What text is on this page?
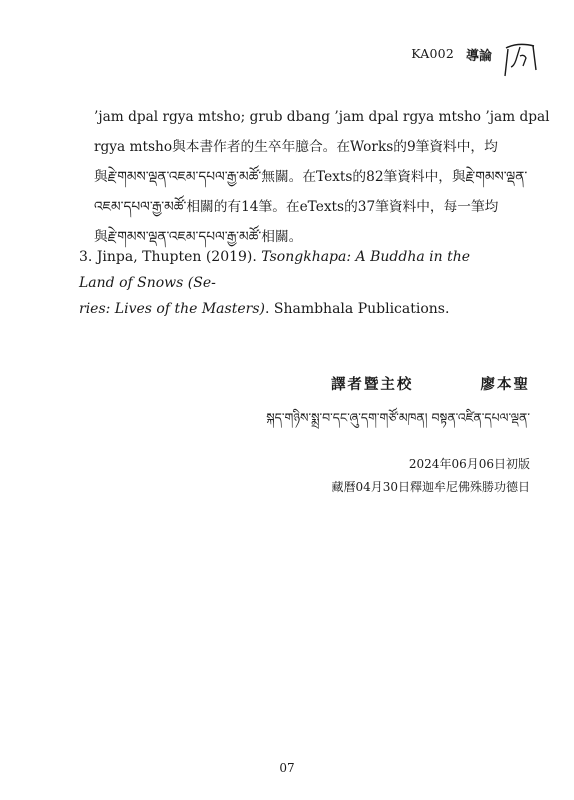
KA002 導論
’jam dpal rgya mtsho; grub dbang ’jam dpal rgya mtsho ’jam dpal
rgya mtsho與本書作者的生卒年臆合。在Works的9筆資料中，均
與རྗེ་གམས་ལྡན་འཇམ་དཔལ་རྒྱ་མཚོ་無關。在Texts的82筆資料中，與རྗེ་གམས་ལྡན་
འཇམ་དཔལ་རྒྱ་མཚོ་相關的有14筆。在eTexts的37筆資料中，每一筆均
與རྗེ་གམས་ལྡན་འཇམ་དཔལ་རྒྱ་མཚོ་相關。
3. Jinpa, Thupten (2019). Tsongkhapa: A Buddha in the Land of Snows (Se-
ries: Lives of the Masters). Shambhala Publications.
譯者暨主校	廖本聖
སྐད་གཉིས་སྨྲ་བ་དང་ཞུ་དག་གཙོ་མཁན། བསྟན་འཛིན་དཔལ་ལྡན་
2024年06月06日初版
藏曆04月30日釋迦牟尼佛殊勝功德日
07
